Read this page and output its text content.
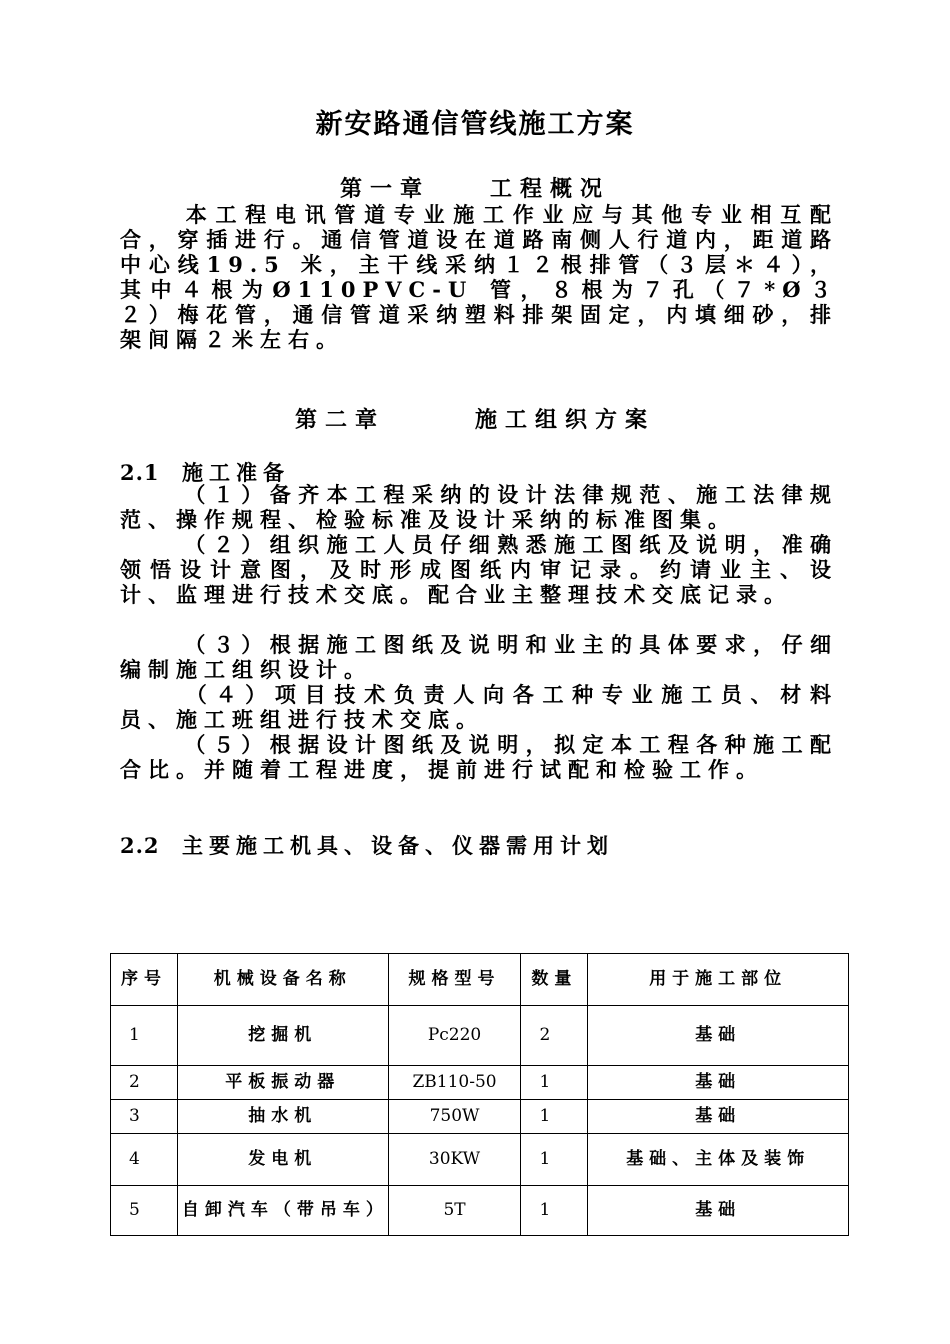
新安路通信管线施工方案
第一章	工程概况
本工程电讯管道专业施工作业应与其他专业相互配合，穿插进行。通信管道设在道路南侧人行道内，距道路中心线19.5 米，主干线采纳１２根排管（３层＊４），其中４根为Ø110PVC-U 管，８根为７孔（７*Ø３２）梅花管，通信管道采纳塑料排架固定，内填细砂，排架间隔２米左右。
第二章	施工组织方案
2.1 施工准备
（１）备齐本工程采纳的设计法律规范、施工法律规范、操作规程、检验标准及设计采纳的标准图集。
（２）组织施工人员仔细熟悉施工图纸及说明，准确领悟设计意图，及时形成图纸内审记录。约请业主、设计、监理进行技术交底。配合业主整理技术交底记录。
（３）根据施工图纸及说明和业主的具体要求，仔细编制施工组织设计。
（４）项目技术负责人向各工种专业施工员、材料员、施工班组进行技术交底。
（５）根据设计图纸及说明，拟定本工程各种施工配合比。并随着工程进度，提前进行试配和检验工作。
2.2 主要施工机具、设备、仪器需用计划
序号	机械设备名称	规格型号	数量	用于施工部位
1	挖掘机	Pc220	2	基础
2	平板振动器	ZB110-50	1	基础
3	抽水机	750W	1	基础
4	发电机	30KW	1	基础、主体及装饰
5	自卸汽车（带吊车）	5T	1	基础
